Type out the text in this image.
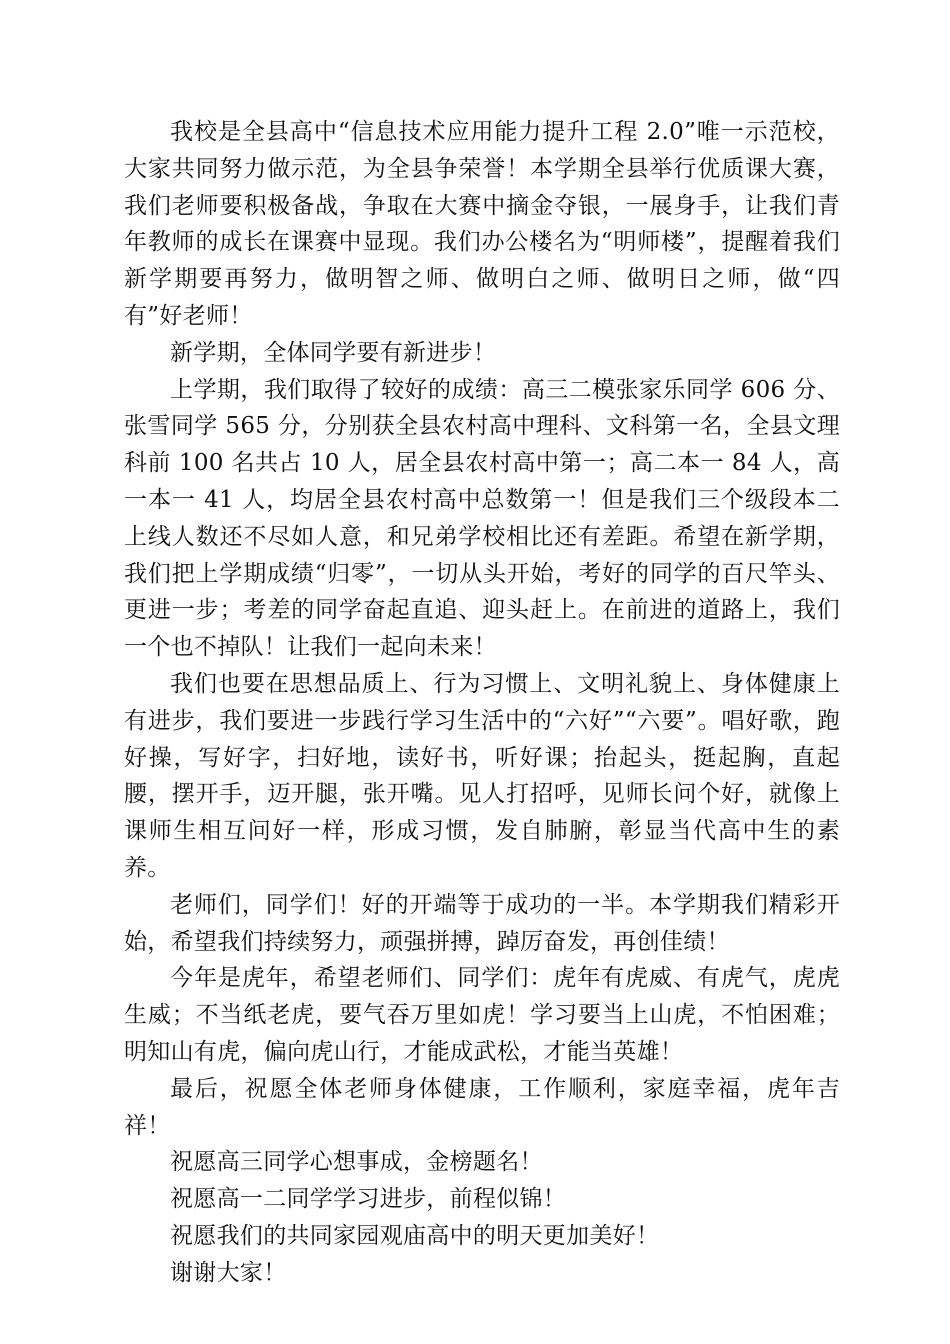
我校是全县高中“信息技术应用能力提升工程 2.0”唯一示范校，大家共同努力做示范，为全县争荣誉！本学期全县举行优质课大赛，我们老师要积极备战，争取在大赛中摘金夺银，一展身手，让我们青年教师的成长在课赛中显现。我们办公楼名为“明师楼”，提醒着我们新学期要再努力，做明智之师、做明白之师、做明日之师，做“四有”好老师！

新学期，全体同学要有新进步！

上学期，我们取得了较好的成绩：高三二模张家乐同学 606 分、张雪同学 565 分，分别获全县农村高中理科、文科第一名，全县文理科前 100 名共占 10 人，居全县农村高中第一；高二本一 84 人，高一本一 41 人，均居全县农村高中总数第一！但是我们三个级段本二上线人数还不尽如人意，和兄弟学校相比还有差距。希望在新学期，我们把上学期成绩“归零”，一切从头开始，考好的同学的百尺竿头、更进一步；考差的同学奋起直追、迎头赶上。在前进的道路上，我们一个也不掉队！让我们一起向未来！

我们也要在思想品质上、行为习惯上、文明礼貌上、身体健康上有进步，我们要进一步践行学习生活中的“六好”“六要”。唱好歌，跑好操，写好字，扫好地，读好书，听好课；抬起头，挺起胸，直起腰，摆开手，迈开腿，张开嘴。见人打招呼，见师长问个好，就像上课师生相互问好一样，形成习惯，发自肺腑，彰显当代高中生的素养。

老师们，同学们！好的开端等于成功的一半。本学期我们精彩开始，希望我们持续努力，顽强拼搏，踔厉奋发，再创佳绩！

今年是虎年，希望老师们、同学们：虎年有虎威、有虎气，虎虎生威；不当纸老虎，要气吞万里如虎！学习要当上山虎，不怕困难；明知山有虎，偏向虎山行，才能成武松，才能当英雄！

最后，祝愿全体老师身体健康，工作顺利，家庭幸福，虎年吉祥！

祝愿高三同学心想事成，金榜题名！

祝愿高一二同学学习进步，前程似锦！

祝愿我们的共同家园观庙高中的明天更加美好！

谢谢大家！
